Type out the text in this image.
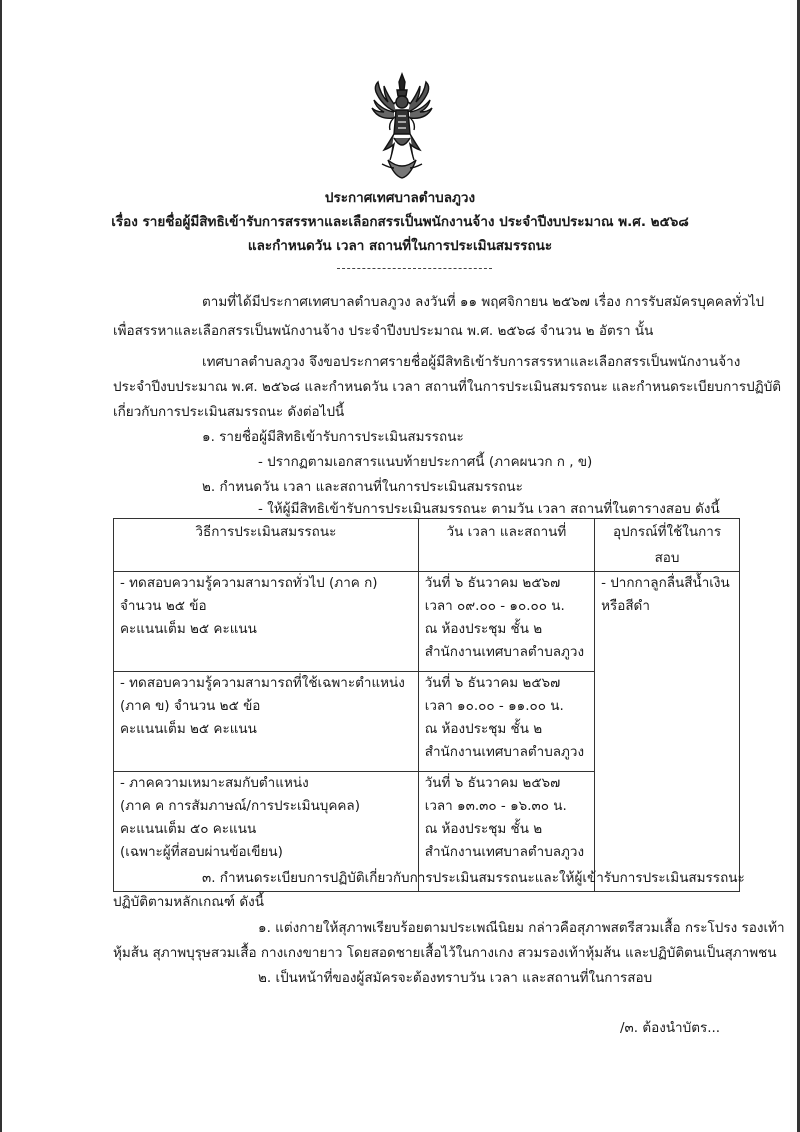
ประกาศเทศบาลตำบลภูวง
เรื่อง รายชื่อผู้มีสิทธิเข้ารับการสรรหาและเลือกสรรเป็นพนักงานจ้าง ประจำปีงบประมาณ พ.ศ. ๒๕๖๘
และกำหนดวัน เวลา สถานที่ในการประเมินสมรรถนะ
ตามที่ได้มีประกาศเทศบาลตำบลภูวง ลงวันที่ ๑๑ พฤศจิกายน ๒๕๖๗ เรื่อง การรับสมัครบุคคลทั่วไป
เพื่อสรรหาและเลือกสรรเป็นพนักงานจ้าง ประจำปีงบประมาณ พ.ศ. ๒๕๖๘ จำนวน ๒ อัตรา นั้น
เทศบาลตำบลภูวง จึงขอประกาศรายชื่อผู้มีสิทธิเข้ารับการสรรหาและเลือกสรรเป็นพนักงานจ้าง
ประจำปีงบประมาณ พ.ศ. ๒๕๖๘ และกำหนดวัน เวลา สถานที่ในการประเมินสมรรถนะ และกำหนดระเบียบการปฏิบัติ
เกี่ยวกับการประเมินสมรรถนะ ดังต่อไปนี้
๑. รายชื่อผู้มีสิทธิเข้ารับการประเมินสมรรถนะ
- ปรากฏตามเอกสารแนบท้ายประกาศนี้ (ภาคผนวก ก , ข)
๒. กำหนดวัน เวลา และสถานที่ในการประเมินสมรรถนะ
- ให้ผู้มีสิทธิเข้ารับการประเมินสมรรถนะ ตามวัน เวลา สถานที่ในตารางสอบ ดังนี้
วิธีการประเมินสมรรถนะ	วัน เวลา และสถานที่	อุปกรณ์ที่ใช้ในการสอบ

- ทดสอบความรู้ความสามารถทั่วไป (ภาค ก)
จำนวน ๒๕ ข้อ
คะแนนเต็ม ๒๕ คะแนน	วันที่ ๖ ธันวาคม ๒๕๖๗
เวลา ๐๙.๐๐ - ๑๐.๐๐ น.
ณ ห้องประชุม ชั้น ๒
สำนักงานเทศบาลตำบลภูวง	- ปากกาลูกลื่นสีน้ำเงิน
หรือสีดำ

- ทดสอบความรู้ความสามารถที่ใช้เฉพาะตำแหน่ง
(ภาค ข) จำนวน ๒๕ ข้อ
คะแนนเต็ม ๒๕ คะแนน	วันที่ ๖ ธันวาคม ๒๕๖๗
เวลา ๑๐.๐๐ - ๑๑.๐๐ น.
ณ ห้องประชุม ชั้น ๒
สำนักงานเทศบาลตำบลภูวง	

- ภาคความเหมาะสมกับตำแหน่ง
(ภาค ค การสัมภาษณ์/การประเมินบุคคล)
คะแนนเต็ม ๕๐ คะแนน
(เฉพาะผู้ที่สอบผ่านข้อเขียน)	วันที่ ๖ ธันวาคม ๒๕๖๗
เวลา ๑๓.๓๐ - ๑๖.๓๐ น.
ณ ห้องประชุม ชั้น ๒
สำนักงานเทศบาลตำบลภูวง	
๓. กำหนดระเบียบการปฏิบัติเกี่ยวกับการประเมินสมรรถนะและให้ผู้เข้ารับการประเมินสมรรถนะ
ปฏิบัติตามหลักเกณฑ์ ดังนี้
๑. แต่งกายให้สุภาพเรียบร้อยตามประเพณีนิยม กล่าวคือสุภาพสตรีสวมเสื้อ กระโปรง รองเท้า
หุ้มส้น สุภาพบุรุษสวมเสื้อ กางเกงขายาว โดยสอดชายเสื้อไว้ในกางเกง สวมรองเท้าหุ้มส้น และปฏิบัติตนเป็นสุภาพชน
๒. เป็นหน้าที่ของผู้สมัครจะต้องทราบวัน เวลา และสถานที่ในการสอบ
/๓. ต้องนำบัตร...
